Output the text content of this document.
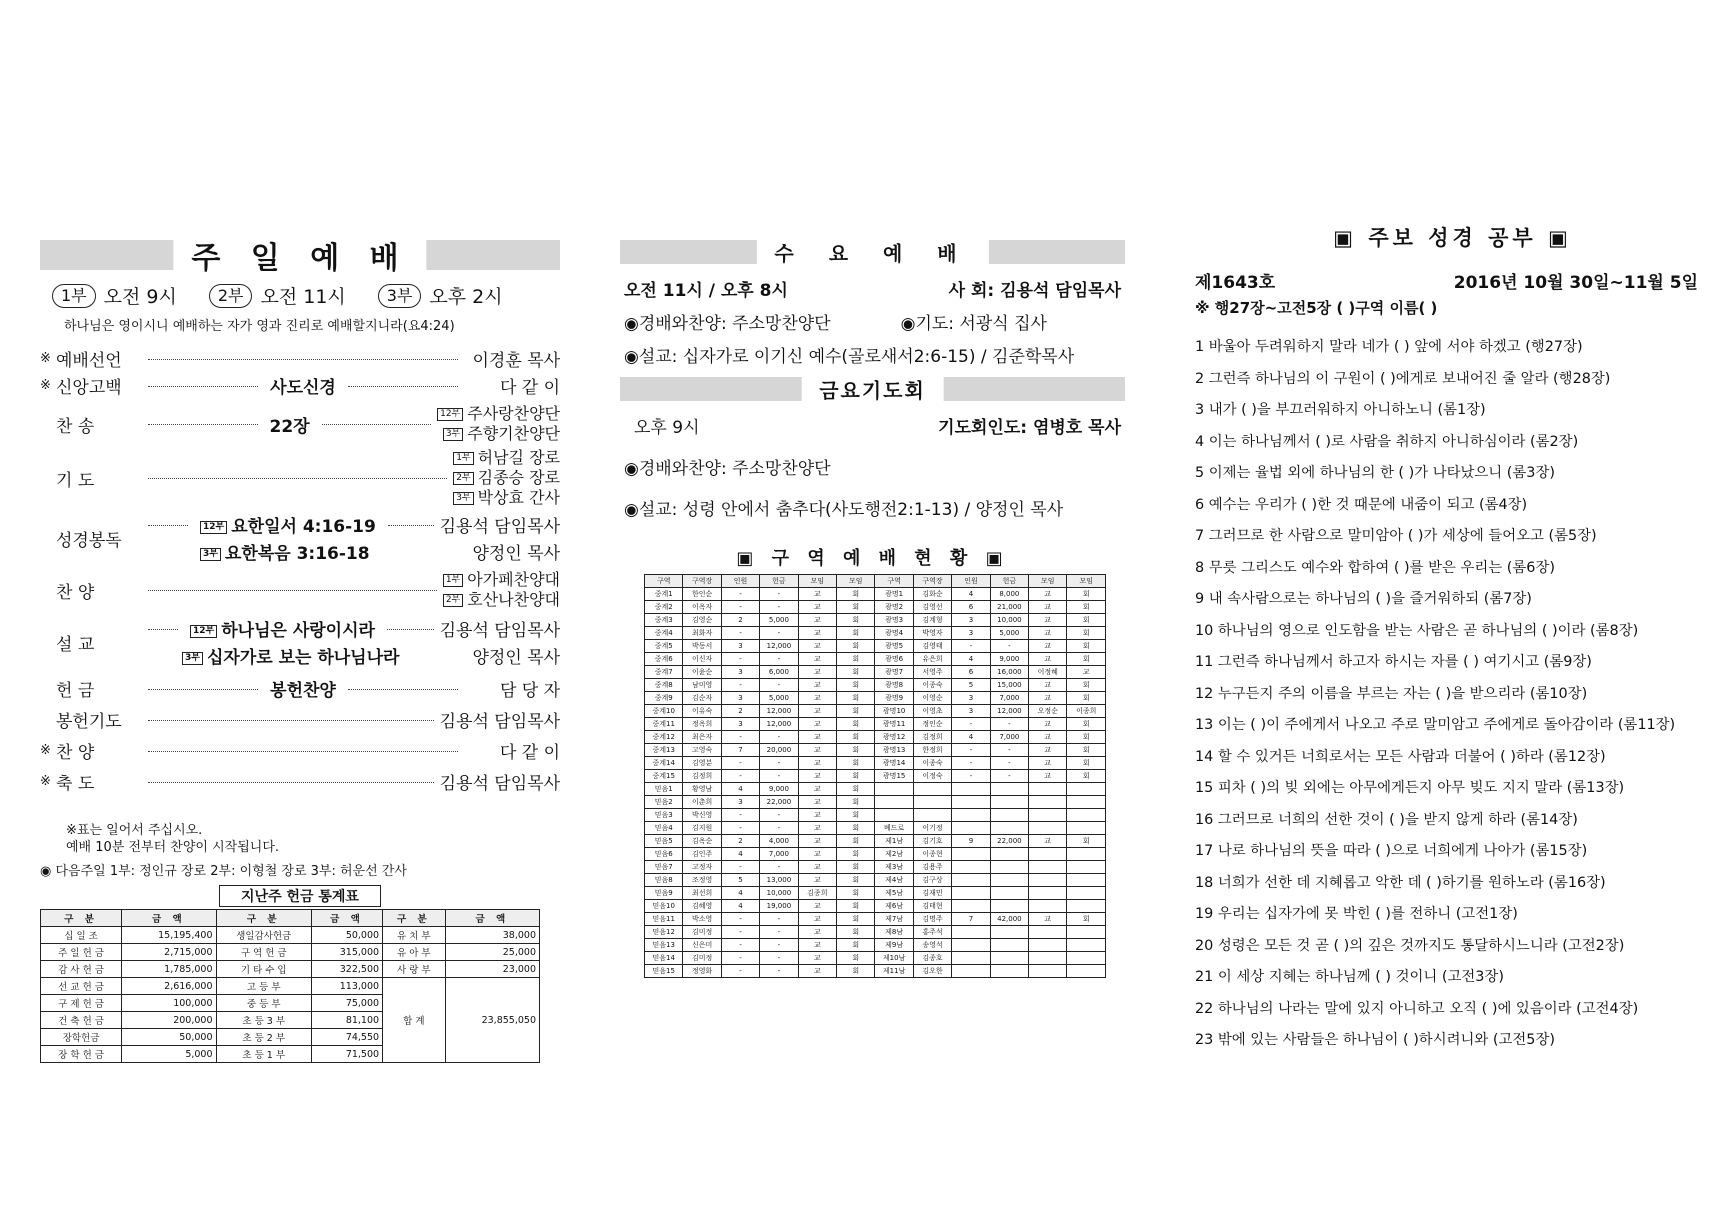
주 일 예 배
1부 오전 9시	2부 오전 11시	3부 오후 2시
하나님은 영이시니 예배하는 자가 영과 진리로 예배할지니라(요4:24)
※ 예배선언	이경훈 목사
※ 신앙고백	사도신경	다 같 이
찬 송	22장
12부 주사랑찬양단
3부 주향기찬양단
기 도
1부 허남길 장로
2부 김종승 장로
3부 박상효 간사
성경봉독
12부 요한일서 4:16-19	김용석 담임목사
3부 요한복음 3:16-18	양정인 목사
찬 양
1부 아가페찬양대
2부 호산나찬양대
설 교
12부 하나님은 사랑이시라	김용석 담임목사
3부 십자가로 보는 하나님나라	양정인 목사
헌 금	봉헌찬양	담 당 자
봉헌기도	김용석 담임목사
※ 찬 양	다 같 이
※ 축 도	김용석 담임목사
※표는 일어서 주십시오.
예배 10분 전부터 찬양이 시작됩니다.
◉ 다음주일 1부: 정인규 장로 2부: 이형철 장로 3부: 허운선 간사
지난주 헌금 통계표
구 분	금 액	구 분	금 액	구 분	금 액
십 일 조	15,195,400	생일감사헌금	50,000	유 치 부	38,000
주 일 헌 금	2,715,000	구 역 헌 금	315,000	유 아 부	25,000
감 사 헌 금	1,785,000	기 타 수 입	322,500	사 랑 부	23,000
선 교 헌 금	2,616,000	고 등 부	113,000	합 계	23,855,050
구 제 헌 금	100,000	중 등 부	75,000		
건 축 헌 금	200,000	초 등 3 부	81,100		
장학헌금	50,000	초 등 2 부	74,550		
장 학 헌 금	5,000	초 등 1 부	71,500		
수 요 예 배
오전 11시 / 오후 8시	사 회: 김용석 담임목사
◉경배와찬양: 주소망찬양단	◉기도: 서광식 집사
◉설교: 십자가로 이기신 예수(골로새서2:6-15) / 김준학목사
금요기도회
오후 9시	기도회인도: 염병호 목사
◉경배와찬양: 주소망찬양단
◉설교: 성령 안에서 춤추다(사도행전2:1-13) / 양정인 목사
▣ 구 역 예 배 현 황 ▣
구역	구역장	인원	헌금	모임	모임	구역	구역장	인원	헌금	모임	모임
중계1	한인순	-	-	교	회	광명1	김화순	4	8,000	교	회
중계2	이옥자	-	-	교	회	광명2	김영선	6	21,000	교	회
중계3	김영순	2	5,000	교	회	광명3	김계형	3	10,000	교	회
중계4	최화자	-	-	교	회	광명4	박영자	3	5,000	교	회
중계5	박동서	3	12,000	교	회	광명5	김영태	-	-	교	회
중계6	이신자	-	-	교	회	광명6	유은희	4	9,000	교	회
중계7	이윤순	3	6,000	교	회	광명7	서영주	6	16,000	이정혜	교
중계8	남미영	-	-	교	회	광명8	이종숙	5	15,000	교	회
중계9	김순자	3	5,000	교	회	광명9	이영순	3	7,000	교	회
중계10	이유숙	2	12,000	교	회	광명10	이영초	3	12,000	오정순	이종희
중계11	정옥희	3	12,000	교	회	광명11	정인순	-	-	교	회
중계12	최은자	-	-	교	회	광명12	김정희	4	7,000	교	회
중계13	고영숙	7	20,000	교	회	광명13	한정희	-	-	교	회
중계14	김영분	-	-	교	회	광명14	이종숙	-	-	교	회
중계15	김정희	-	-	교	회	광명15	이정숙	-	-	교	회
믿음1	황영남	4	9,000	교	회						
믿음2	이춘희	3	22,000	교	회						
믿음3	박신영	-	-	교	회						
믿음4	김지원	-	-	교	회	베드로	이기정				
믿음5	김옥순	2	4,000	교	회	제1남	김기호	9	22,000	교	회
믿음6	김인주	4	7,000	교	회	제2남	이종현				
믿음7	고정자	-	-	교	회	제3남	김용주				
믿음8	조정영	5	13,000	교	회	제4남	김구상				
믿음9	최선희	4	10,000	김종희	회	제5남	김재민				
믿음10	김혜영	4	19,000	교	회	제6남	김태현				
믿음11	박소영	-	-	교	회	제7남	김명주	7	42,000	교	회
믿음12	김미정	-	-	교	회	제8남	홍주석				
믿음13	신은미	-	-	교	회	제9남	송영석				
믿음14	김미정	-	-	교	회	제10남	김종호				
믿음15	정영화	-	-	교	회	제11남	김오한				
▣ 주보 성경 공부 ▣
제1643호	2016년 10월 30일~11월 5일
※ 행27장~고전5장 ( )구역 이름( )
1 바울아 두려워하지 말라 네가 ( ) 앞에 서야 하겠고 (행27장)
2 그런즉 하나님의 이 구원이 ( )에게로 보내어진 줄 알라 (행28장)
3 내가 ( )을 부끄러워하지 아니하노니 (롬1장)
4 이는 하나님께서 ( )로 사람을 취하지 아니하심이라 (롬2장)
5 이제는 율법 외에 하나님의 한 ( )가 나타났으니 (롬3장)
6 예수는 우리가 ( )한 것 때문에 내줌이 되고 (롬4장)
7 그러므로 한 사람으로 말미암아 ( )가 세상에 들어오고 (롬5장)
8 무릇 그리스도 예수와 합하여 ( )를 받은 우리는 (롬6장)
9 내 속사람으로는 하나님의 ( )을 즐거워하되 (롬7장)
10 하나님의 영으로 인도함을 받는 사람은 곧 하나님의 ( )이라 (롬8장)
11 그런즉 하나님께서 하고자 하시는 자를 ( ) 여기시고 (롬9장)
12 누구든지 주의 이름을 부르는 자는 ( )을 받으리라 (롬10장)
13 이는 ( )이 주에게서 나오고 주로 말미암고 주에게로 돌아감이라 (롬11장)
14 할 수 있거든 너희로서는 모든 사람과 더불어 ( )하라 (롬12장)
15 피차 ( )의 빚 외에는 아무에게든지 아무 빚도 지지 말라 (롬13장)
16 그러므로 너희의 선한 것이 ( )을 받지 않게 하라 (롬14장)
17 나로 하나님의 뜻을 따라 ( )으로 너희에게 나아가 (롬15장)
18 너희가 선한 데 지혜롭고 악한 데 ( )하기를 원하노라 (롬16장)
19 우리는 십자가에 못 박힌 ( )를 전하니 (고전1장)
20 성령은 모든 것 곧 ( )의 깊은 것까지도 통달하시느니라 (고전2장)
21 이 세상 지혜는 하나님께 ( ) 것이니 (고전3장)
22 하나님의 나라는 말에 있지 아니하고 오직 ( )에 있음이라 (고전4장)
23 밖에 있는 사람들은 하나님이 ( )하시려니와 (고전5장)
